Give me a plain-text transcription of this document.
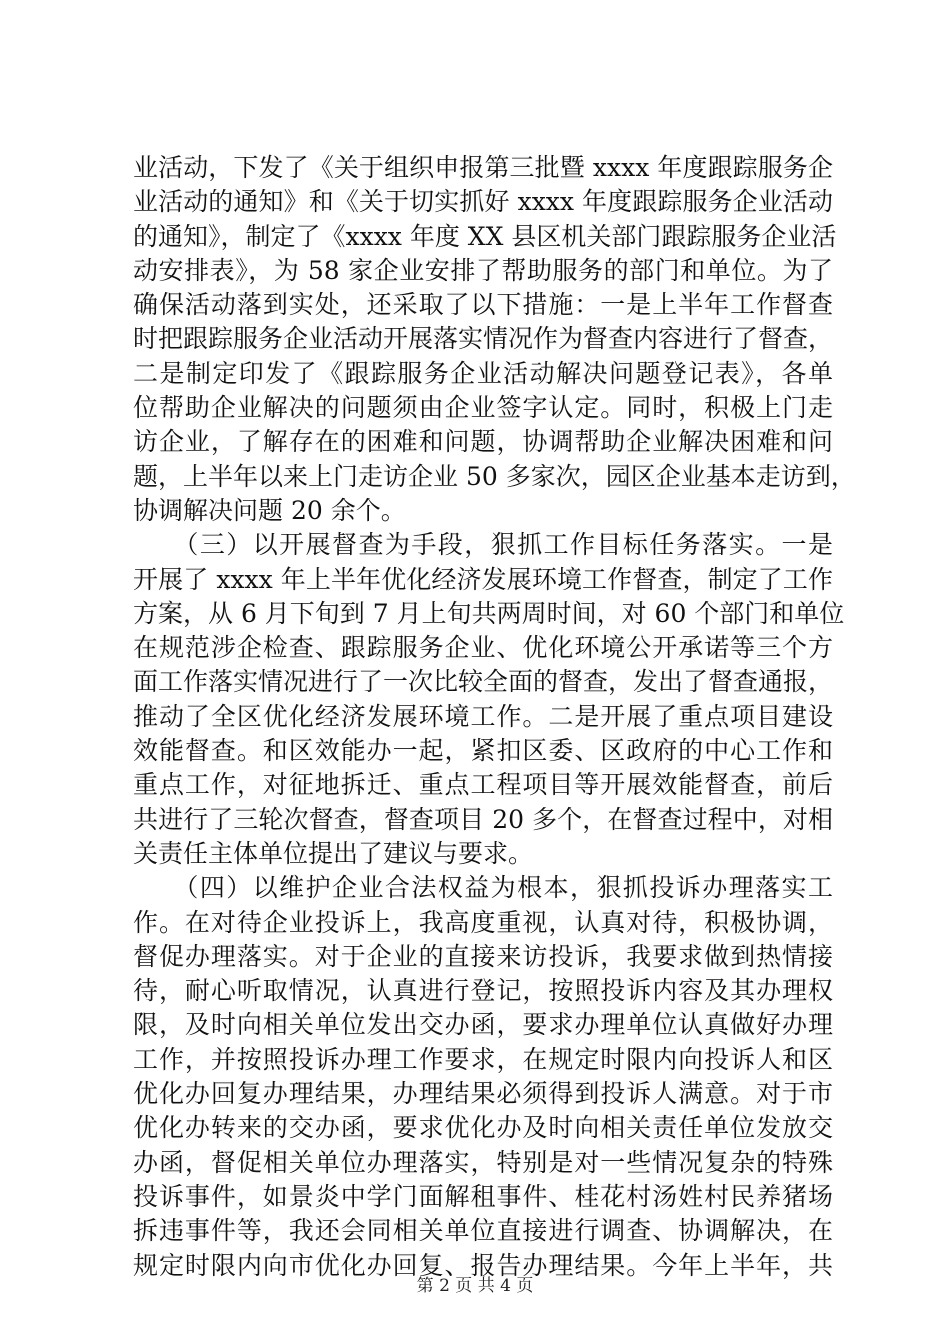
业活动，下发了《关于组织申报第三批暨 xxxx 年度跟踪服务企
业活动的通知》和《关于切实抓好 xxxx 年度跟踪服务企业活动
的通知》，制定了《xxxx 年度 XX 县区机关部门跟踪服务企业活
动安排表》，为 58 家企业安排了帮助服务的部门和单位。为了
确保活动落到实处，还采取了以下措施：一是上半年工作督查
时把跟踪服务企业活动开展落实情况作为督查内容进行了督查，
二是制定印发了《跟踪服务企业活动解决问题登记表》，各单
位帮助企业解决的问题须由企业签字认定。同时，积极上门走
访企业，了解存在的困难和问题，协调帮助企业解决困难和问
题，上半年以来上门走访企业 50 多家次，园区企业基本走访到，
协调解决问题 20 余个。
　　（三）以开展督查为手段，狠抓工作目标任务落实。一是
开展了 xxxx 年上半年优化经济发展环境工作督查，制定了工作
方案，从 6 月下旬到 7 月上旬共两周时间，对 60 个部门和单位
在规范涉企检查、跟踪服务企业、优化环境公开承诺等三个方
面工作落实情况进行了一次比较全面的督查，发出了督查通报，
推动了全区优化经济发展环境工作。二是开展了重点项目建设
效能督查。和区效能办一起，紧扣区委、区政府的中心工作和
重点工作，对征地拆迁、重点工程项目等开展效能督查，前后
共进行了三轮次督查，督查项目 20 多个，在督查过程中，对相
关责任主体单位提出了建议与要求。
　　（四）以维护企业合法权益为根本，狠抓投诉办理落实工
作。在对待企业投诉上，我高度重视，认真对待，积极协调，
督促办理落实。对于企业的直接来访投诉，我要求做到热情接
待，耐心听取情况，认真进行登记，按照投诉内容及其办理权
限，及时向相关单位发出交办函，要求办理单位认真做好办理
工作，并按照投诉办理工作要求，在规定时限内向投诉人和区
优化办回复办理结果，办理结果必须得到投诉人满意。对于市
优化办转来的交办函，要求优化办及时向相关责任单位发放交
办函，督促相关单位办理落实，特别是对一些情况复杂的特殊
投诉事件，如景炎中学门面解租事件、桂花村汤姓村民养猪场
拆违事件等，我还会同相关单位直接进行调查、协调解决，在
规定时限内向市优化办回复、报告办理结果。今年上半年，共
第 2 页 共 4 页
